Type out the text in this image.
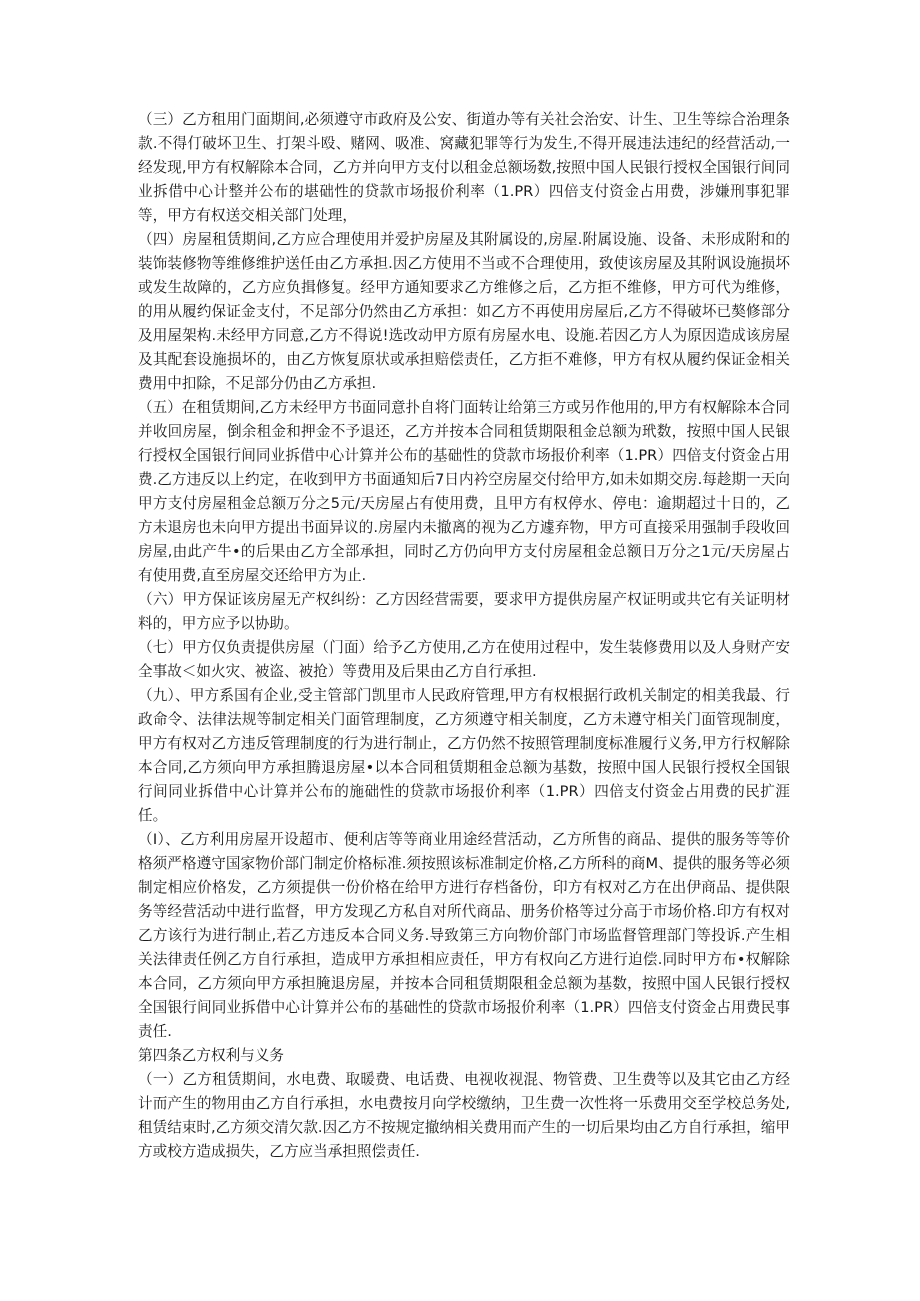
（三）乙方租用门面期间,必须遵守市政府及公安、街道办等有关社会治安、计生、卫生等综合治理条款.不得仃破坏卫生、打架斗殴、赌网、吸准、窝藏犯罪等行为发生,不得开展违法违纪的经营活动,一经发现,甲方有权解除本合同，乙方并向甲方支付以租金总额场数,按照中国人民银行授权全国银行间同业拆借中心计整并公布的堪础性的贷款市场报价利率（1.PR）四倍支付资金占用费，涉嫌刑事犯罪等，甲方有权送交相关部门处理，

（四）房屋租赁期间,乙方应合理使用并爱护房屋及其附属设的,房屋.附属设施、设备、未形成附和的装饰装修物等维修维护送任由乙方承担.因乙方使用不当或不合理使用，致使该房屋及其附讽设施损坏或发生故障的，乙方应负揖修复。经甲方通知要求乙方维修之后，乙方拒不维修，甲方可代为维修，的用从履约保证金支付，不足部分仍然由乙方承担：如乙方不再使用房屋后,乙方不得破坏已獒修部分及用屋架构.未经甲方同意,乙方不得说!选改动甲方原有房屋水电、设施.若因乙方人为原因造成该房屋及其配套设施损坏的，由乙方恢复原状或承担赔偿责任，乙方拒不难修，甲方有权从履约保证金相关费用中扣除，不足部分仍由乙方承担.

（五）在租赁期间,乙方未经甲方书面同意扑自将门面转让给第三方或另作他用的,甲方有权解除本合同并收回房屋，倒余租金和押金不予退还，乙方并按本合同租赁期限租金总额为玳数，按照中国人民银行授权全国银行间同业拆借中心计算并公布的基础性的贷款市场报价利率（1.PR）四倍支付资金占用费.乙方违反以上约定，在收到甲方书面通知后7日内衿空房屋交付给甲方,如未如期交房.每趁期一天向甲方支付房屋租金总额万分之5元/天房屋占有使用费，且甲方有权停水、停电：逾期超过十日的，乙方未退房也未向甲方提出书面异议的.房屋内未撤离的视为乙方遽弃物，甲方可直接采用强制手段收回房屋,由此产牛•的后果由乙方全部承担，同时乙方仍向甲方支付房屋租金总额日万分之1元/天房屋占有使用费,直至房屋交还给甲方为止.

（六）甲方保证该房屋无产权纠纷：乙方因经营需要，要求甲方提供房屋产权证明或共它有关证明材料的，甲方应予以协助。

（七）甲方仅负责提供房屋（门面）给予乙方使用,乙方在使用过程中，发生装修费用以及人身财产安全事故＜如火灾、被盗、被抢）等费用及后果由乙方自行承担.

（九）、甲方系国有企业,受主管部门凯里市人民政府管理,甲方有权根据行政机关制定的相美我最、行政命令、法律法规等制定相关门面管理制度，乙方须遵守相关制度，乙方未遵守相关门面管现制度，甲方有权对乙方违反管理制度的行为进行制止，乙方仍然不按照管理制度标准履行义务,甲方行权解除本合同,乙方须向甲方承担腾退房屋•以本合同租赁期租金总额为基数，按照中国人民银行授权全国银行间同业拆借中心计算并公布的施础性的贷款市场报价利率（1.PR）四倍支付资金占用费的民扩涯任。

（I）、乙方利用房屋开设超市、便利店等等商业用途经营活动，乙方所售的商品、提供的服务等等价格须严格遵守国家物价部门制定价格标准.须按照该标准制定价格,乙方所科的商M、提供的服务等必须制定相应价格发，乙方须提供一份价格在给甲方进行存档备份，印方有权对乙方在出伊商品、提供限务等经营活动中进行监督，甲方发现乙方私自对所代商品、册务价格等过分高于市场价格.印方有权对乙方该行为进行制止,若乙方违反本合同义务.导致第三方向物价部门市场监督管理部门等投诉.产生相关法律责任例乙方自行承担，造成甲方承担相应责任，甲方有权向乙方进行迫偿.同时甲方布•权解除本合同，乙方须向甲方承担腌退房屋，并按本合同租赁期限租金总额为基数，按照中国人民银行授权全国银行间同业拆借中心计算并公布的基础性的贷款市场报价利率（1.PR）四倍支付资金占用费民事责任.

第四条乙方权利与义务

（一）乙方租赁期间，水电费、取暖费、电话费、电视收视混、物管费、卫生费等以及其它由乙方经计而产生的物用由乙方自行承担，水电费按月向学校缴纳，卫生费一次性将一乐费用交至学校总务处,租赁结束时,乙方须交清欠款.因乙方不按规定撤纳相关费用而产生的一切后果均由乙方自行承担，缩甲方或校方造成损失，乙方应当承担照偿责任.
